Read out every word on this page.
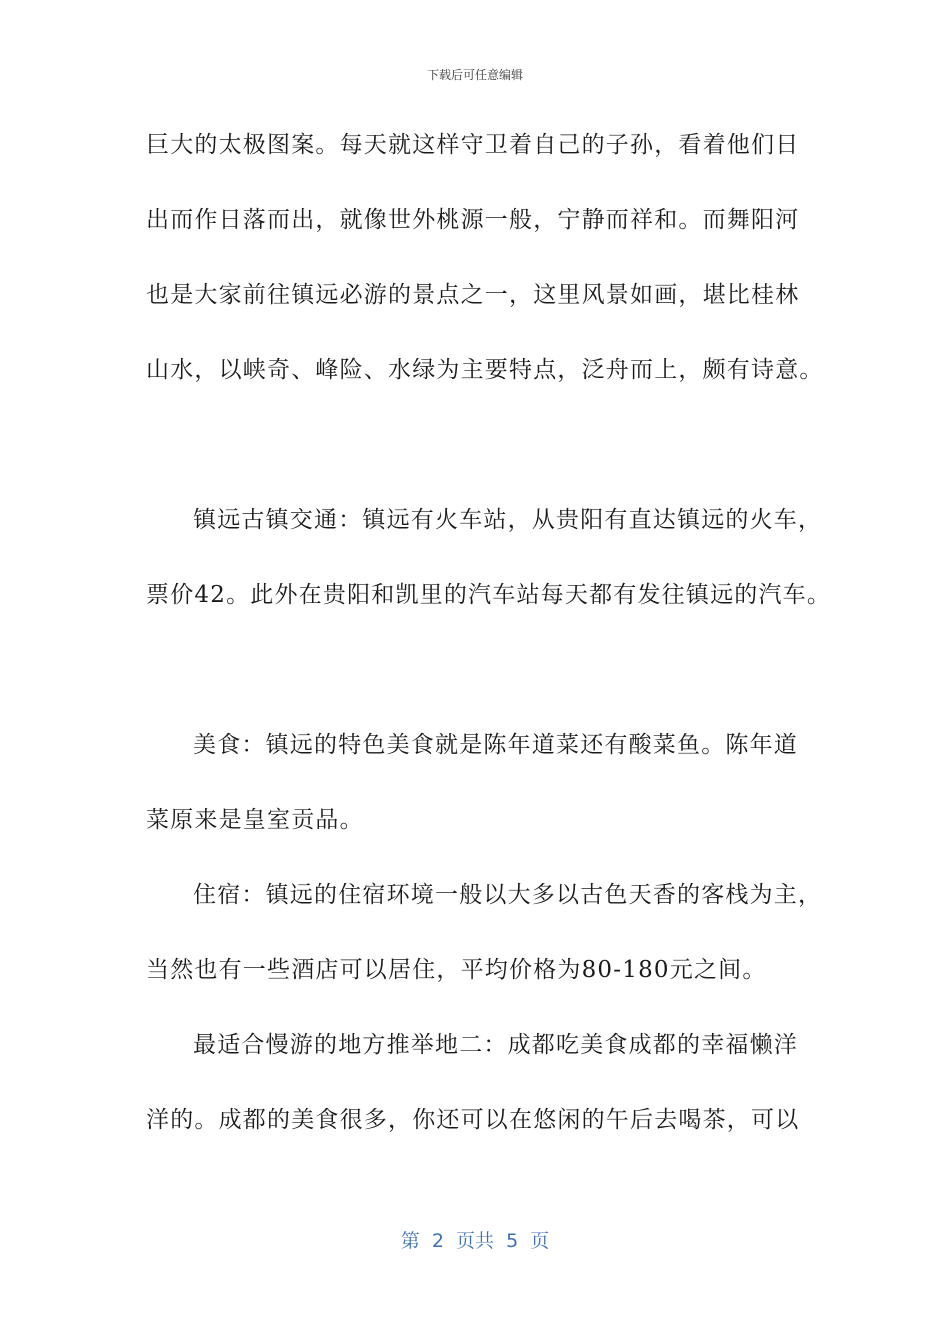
下载后可任意编辑
巨大的太极图案。每天就这样守卫着自己的子孙，看着他们日
出而作日落而出，就像世外桃源一般，宁静而祥和。而舞阳河
也是大家前往镇远必游的景点之一，这里风景如画，堪比桂林
山水，以峡奇、峰险、水绿为主要特点，泛舟而上，颇有诗意。
镇远古镇交通：镇远有火车站，从贵阳有直达镇远的火车，
票价42。此外在贵阳和凯里的汽车站每天都有发往镇远的汽车。
美食：镇远的特色美食就是陈年道菜还有酸菜鱼。陈年道
菜原来是皇室贡品。
住宿：镇远的住宿环境一般以大多以古色天香的客栈为主，
当然也有一些酒店可以居住，平均价格为80-180元之间。
最适合慢游的地方推举地二：成都吃美食成都的幸福懒洋
洋的。成都的美食很多，你还可以在悠闲的午后去喝茶，可以
第  2  页共  5  页
